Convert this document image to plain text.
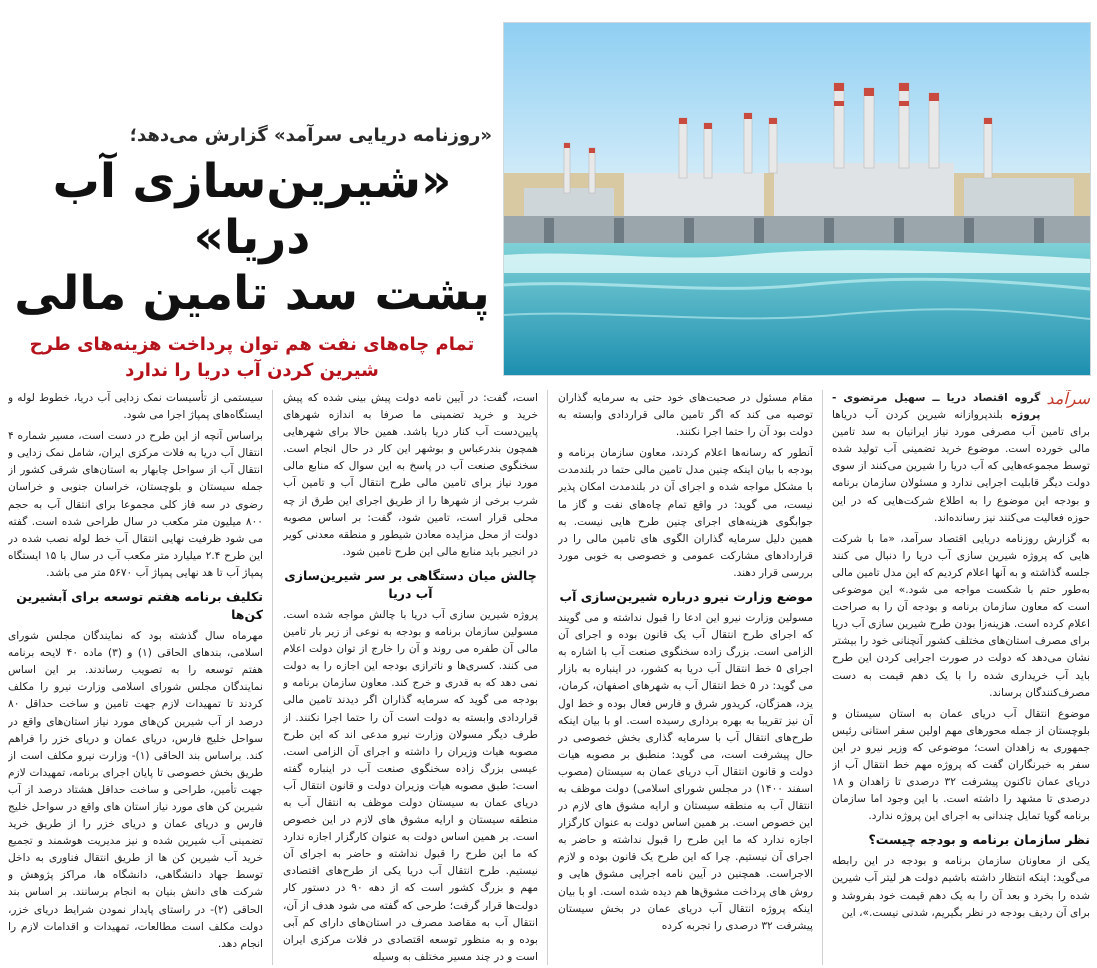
«روزنامه دریایی سرآمد» گزارش می‌دهد؛

«شیرین‌سازی آب دریا»
پشت سد تامین مالی

تمام چاه‌های نفت هم توان پرداخت هزینه‌های طرح شیرین کردن آب دریا را ندارد

سرآمد
گروه اقتصاد دریا ــ سهیل مرتضوی - پروژه بلندپروازانه شیرین کردن آب دریاها برای تامین آب مصرفی مورد نیاز ایرانیان به سد تامین مالی خورده است. موضوع خرید تضمینی آب تولید شده توسط مجموعه‌هایی که آب دریا را شیرین می‌کنند از سوی دولت دیگر قابلیت اجرایی ندارد و مسئولان سازمان برنامه و بودجه این موضوع را به اطلاع شرکت‌هایی که در این حوزه فعالیت می‌کنند نیز رسانده‌اند.

به گزارش روزنامه دریایی اقتصاد سرآمد، «ما با شرکت هایی که پروژه شیرین سازی آب دریا را دنبال می کنند جلسه گذاشته و به آنها اعلام کردیم که این مدل تامین مالی به‌طور حتم با شکست مواجه می شود.» این موضوعی است که معاون سازمان برنامه و بودجه آن را به صراحت اعلام کرده است. هزینه‌زا بودن طرح شیرین سازی آب دریا برای مصرف استان‌های مختلف کشور آنچنانی خود را بیشتر نشان می‌دهد که دولت در صورت اجرایی کردن این طرح باید آب خریداری شده را با یک دهم قیمت به دست مصرف‌کنندگان برساند.

موضوع انتقال آب دریای عمان به استان سیستان و بلوچستان از جمله محورهای مهم اولین سفر استانی رئیس جمهوری به زاهدان است؛ موضوعی که وزیر نیرو در این سفر به خبرنگاران گفت که پروژه مهم خط انتقال آب از دریای عمان تاکنون پیشرفت ۳۲ درصدی تا زاهدان و ۱۸ درصدی تا مشهد را داشته است. با این وجود اما سازمان برنامه گویا تمایل چندانی به اجرای این پروژه ندارد.

نظر سازمان برنامه و بودجه چیست؟

یکی از معاونان سازمان برنامه و بودجه در این رابطه می‌گوید: اینکه انتظار داشته باشیم دولت هر لیتر آب شیرین شده را بخرد و بعد آن را به یک دهم قیمت خود بفروشد و برای آن ردیف بودجه در نظر بگیریم، شدنی نیست.»، این

مقام مسئول در صحبت‌های خود حتی به سرمایه گذاران توصیه می کند که اگر تامین مالی قراردادی وابسته به دولت بود آن را حتما اجرا نکنند.

آنطور که رسانه‌ها اعلام کردند، معاون سازمان برنامه و بودجه با بیان اینکه چنین مدل تامین مالی حتما در بلندمدت با مشکل مواجه شده و اجرای آن در بلندمدت امکان پذیر نیست، می گوید: در واقع تمام چاه‌های نفت و گاز ما جوابگوی هزینه‌های اجرای چنین طرح هایی نیست. به همین دلیل سرمایه گذاران الگوی های تامین مالی را در قراردادهای مشارکت عمومی و خصوصی به خوبی مورد بررسی قرار دهند.

موضع وزارت نیرو درباره شیرین‌سازی آب

مسولین وزارت نیرو این ادعا را قبول نداشته و می گویند که اجرای طرح انتقال آب یک قانون بوده و اجرای آن الزامی است. بزرگ زاده سخنگوی صنعت آب با اشاره به اجرای ۵ خط انتقال آب دریا به کشور، در اینباره به بازار می گوید: در ۵ خط انتقال آب به شهرهای اصفهان، کرمان، یزد، همزگان، کریدور شرق و فارس فعال بوده و خط اول آن نیز تقریبا به بهره برداری رسیده است. او با بیان اینکه طرح‌های انتقال آب با سرمایه گذاری بخش خصوصی در حال پیشرفت است، می گوید: منطبق بر مصوبه هیات دولت و قانون انتقال آب دریای عمان به سیستان (مصوب اسفند ۱۴۰۰) در مجلس شورای اسلامی) دولت موظف به انتقال آب به منطقه سیستان و ارایه مشوق های لازم در این خصوص است. بر همین اساس دولت به عنوان کارگزار اجازه ندارد که ما این طرح را قبول نداشته و حاضر به اجرای آن نیستیم. چرا که این طرح یک قانون بوده و لازم الاجراست. همچنین در آیین نامه اجرایی مشوق هایی و روش های پرداخت مشوق‌ها هم دیده شده است. او با بیان اینکه پروژه انتقال آب دریای عمان در بخش سیستان پیشرفت ۳۲ درصدی را تجربه کرده

است، گفت: در آیین نامه دولت پیش بینی شده که پیش خرید و خرید تضمینی ما صرفا به اندازه شهرهای پایین‌دست آب کنار دریا باشد. همین حالا برای شهرهایی همچون بندرعباس و بوشهر این کار در حال انجام است. سخنگوی صنعت آب در پاسخ به این سوال که منابع مالی مورد نیاز برای تامین مالی طرح انتقال آب و تامین آب شرب برخی از شهرها را از طریق اجرای این طرق از چه محلی قرار است، تامین شود، گفت: بر اساس مصوبه دولت از محل مزایده معادن شیطور و منطقه معدنی کویر در انجیر باید منابع مالی این طرح تامین شود.

چالش میان دستگاهی بر سر شیرین‌سازی آب دریا

پروژه شیرین سازی آب دریا با چالش مواجه شده است. مسولین سازمان برنامه و بودجه به نوعی از زیر بار تامین مالی آن طفره می روند و آن را خارج از توان دولت اعلام می کنند. کسری‌ها و ناترازی بودجه این اجازه را به دولت نمی دهد که به قدری و خرج کند. معاون سازمان برنامه و بودجه می گوید که سرمایه گذاران اگر دیدند تامین مالی قراردادی وابسته به دولت است آن را حتما اجرا نکنند. از طرف دیگر مسولان وزارت نیرو مدعی اند که این طرح مصوبه هیات وزیران را داشته و اجرای آن الزامی است. عیسی بزرگ زاده سخنگوی صنعت آب در اینباره گفته است: طبق مصوبه هیات وزیران دولت و قانون انتقال آب دریای عمان به سیستان دولت موظف به انتقال آب به منطقه سیستان و ارایه مشوق های لازم در این خصوص است. بر همین اساس دولت به عنوان کارگزار اجازه ندارد که ما این طرح را قبول نداشته و حاضر به اجرای آن نیستیم. طرح انتقال آب دریا یکی از طرح‌های اقتصادی مهم و بزرگ کشور است که از دهه ۹۰ در دستور کار دولت‌ها قرار گرفت؛ طرحی که گفته می شود هدف از آن، انتقال آب به مقاصد مصرف در استان‌های دارای کم آبی بوده و به منظور توسعه اقتصادی در فلات مرکزی ایران است و در چند مسیر مختلف به وسیله

سیستمی از تأسیسات نمک زدایی آب دریا، خطوط لوله و ایستگاه‌های پمپاژ اجرا می شود.

براساس آنچه از این طرح در دست است، مسیر شماره ۴ انتقال آب دریا به فلات مرکزی ایران، شامل نمک زدایی و انتقال آب از سواحل چابهار به استان‌های شرقی کشور از جمله سیستان و بلوچستان، خراسان جنوبی و خراسان رضوی در سه فاز کلی مجموعا برای انتقال آب به حجم ۸۰۰ میلیون متر مکعب در سال طراحی شده است. گفته می شود ظرفیت نهایی انتقال آب خط لوله نصب شده در این طرح ۲.۴ میلیارد متر مکعب آب در سال با ۱۵ ایستگاه پمپاژ آب تا هد نهایی پمپاژ آب ۵۶۷۰ متر می باشد.

تکلیف برنامه هفتم توسعه برای آبشیرین کن‌ها

مهرماه سال گذشته بود که نمایندگان مجلس شورای اسلامی، بندهای الحاقی (۱) و (۳) ماده ۴۰ لایحه برنامه هفتم توسعه را به تصویب رساندند. بر این اساس نمایندگان مجلس شورای اسلامی وزارت نیرو را مکلف کردند تا تمهیدات لازم جهت تامین و ساخت حداقل ۸۰ درصد از آب شیرین کن‌های مورد نیاز استان‌های واقع در سواحل خلیج فارس، دریای عمان و دریای خزر را فراهم کند. براساس بند الحاقی (۱)- وزارت نیرو مکلف است از طریق بخش خصوصی تا پایان اجرای برنامه، تمهیدات لازم جهت تأمین، طراحی و ساخت حداقل هشتاد درصد از آب شیرین کن های مورد نیاز استان های واقع در سواحل خلیج فارس و دریای عمان و دریای خزر را از طریق خرید تضمینی آب شیرین شده و نیز مدیریت هوشمند و تجمیع خرید آب شیرین کن ها از طریق انتقال فناوری به داخل توسط جهاد دانشگاهی، دانشگاه ها، مراکز پژوهش و شرکت های دانش بنیان به انجام برسانند. بر اساس بند الحاقی (۲)- در راستای پایدار نمودن شرایط دریای خزر، دولت مکلف است مطالعات، تمهیدات و اقدامات لازم را انجام دهد.
